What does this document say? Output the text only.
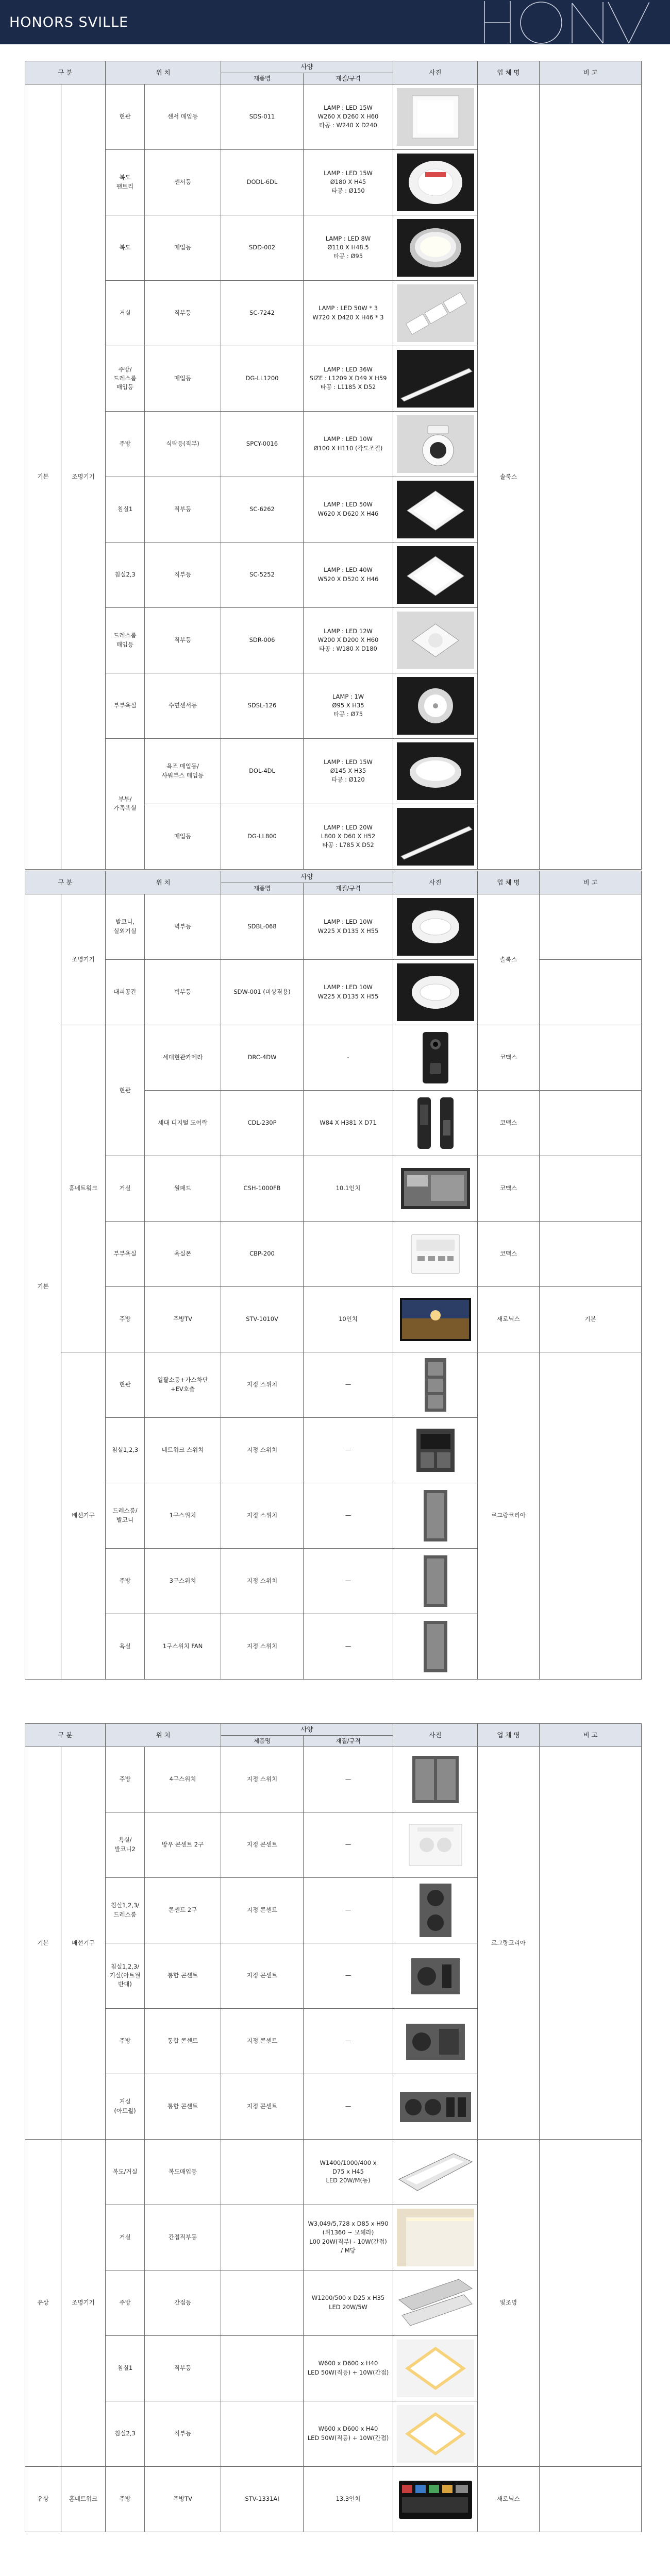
HONORS SVILLE
구 분		위 치		사양		사진	업 체 명	비 고
				제품명	재질/규격			
기본	조명기기	현관	센서 매입등	SDS-011	LAMP : LED 15W
W260 X D260 X H60
타공 : W240 X D240		솔룩스	
		복도
팬트리	센서등	DODL-6DL	LAMP : LED 15W
Ø180 X H45
타공 : Ø150	

		복도	매입등	SDD-002	LAMP : LED 8W
Ø110 X H48.5
타공 : Ø95	

		거실	직부등	SC-7242	LAMP : LED 50W * 3
W720 X D420 X H46 * 3	

		주방/
드레스룸
매입등	매입등	DG-LL1200	LAMP : LED 36W
SIZE : L1209 X D49 X H59
타공 : L1185 X D52	

		주방	식탁등(직부)	SPCY-0016	LAMP : LED 10W
Ø100 X H110 (각도조절)	

		침실1	직부등	SC-6262	LAMP : LED 50W
W620 X D620 X H46	

		침실2,3	직부등	SC-5252	LAMP : LED 40W
W520 X D520 X H46	

		드레스룸
매입등	직부등	SDR-006	LAMP : LED 12W
W200 X D200 X H60
타공 : W180 X D180	

		부부욕실	수면센서등	SDSL-126	LAMP : 1W
Ø95 X H35
타공 : Ø75	

		부부/
가족욕실	욕조 매입등/
샤워부스 매입등	DOL-4DL	LAMP : LED 15W
Ø145 X H35
타공 : Ø120	

			매입등	DG-LL800	LAMP : LED 20W
L800 X D60 X H52
타공 : L785 X D52	
구 분		위 치		사양		사진	업 체 명	비 고
				제품명	재질/규격			
기본	조명기기	발코니,
실외기실	벽부등	SDBL-068	LAMP : LED 10W
W225 X D135 X H55		솔룩스	
		대피공간	벽부등	SDW-001 (비상겸용)	LAMP : LED 10W
W225 X D135 X H55	

	홈네트워크	현관	세대현관카메라	DRC-4DW	-		코맥스	
			세대 디지털 도어락	CDL-230P	W84 X H381 X D71		코맥스	
		거실	월패드	CSH-1000FB	10.1인치		코맥스	
		부부욕실	욕실폰	CBP-200			코맥스	
		주방	주방TV	STV-1010V	10인치		새로닉스	기본
	배선기구	현관	일괄소등+가스차단
+EV호출	지정 스위치	—		르그랑코리아	
		침실1,2,3	네트워크 스위치	지정 스위치	—	

		드레스룸/
발코니	1구스위치	지정 스위치	—	

		주방	3구스위치	지정 스위치	—	

		욕실	1구스위치 FAN	지정 스위치	—	
구 분		위 치		사양		사진	업 체 명	비 고
				제품명	재질/규격			
기본	배선기구	주방	4구스위치	지정 스위치	—		르그랑코리아	
		욕실/
발코니2	방우 콘센트 2구	지정 콘센트	—	

		침실1,2,3/
드레스룸	콘센트 2구	지정 콘센트	—	

		침실1,2,3/
거실(아트월
반대)	통합 콘센트	지정 콘센트	—	

		주방	통합 콘센트	지정 콘센트	—	

		거실
(아트월)	통합 콘센트	지정 콘센트	—	

유상	조명기기	복도/거실	복도매입등		W1400/1000/400 x
D75 x H45
LED 20W/M(동)		빛조명	
		거실	간접직부등		W3,049/5,728 x D85 x H90
(위1360 ~ 모헤라)
L00 20W(직부) - 10W(간접)
/ M당	

		주방	간접등		W1200/500 x D25 x H35
LED 20W/5W	

		침실1	직부등		W600 x D600 x H40
LED 50W(직등) + 10W(간접)	

		침실2,3	직부등		W600 x D600 x H40
LED 50W(직등) + 10W(간접)	

유상	홈네트워크	주방	주방TV	STV-1331AI	13.3인치		새로닉스	
